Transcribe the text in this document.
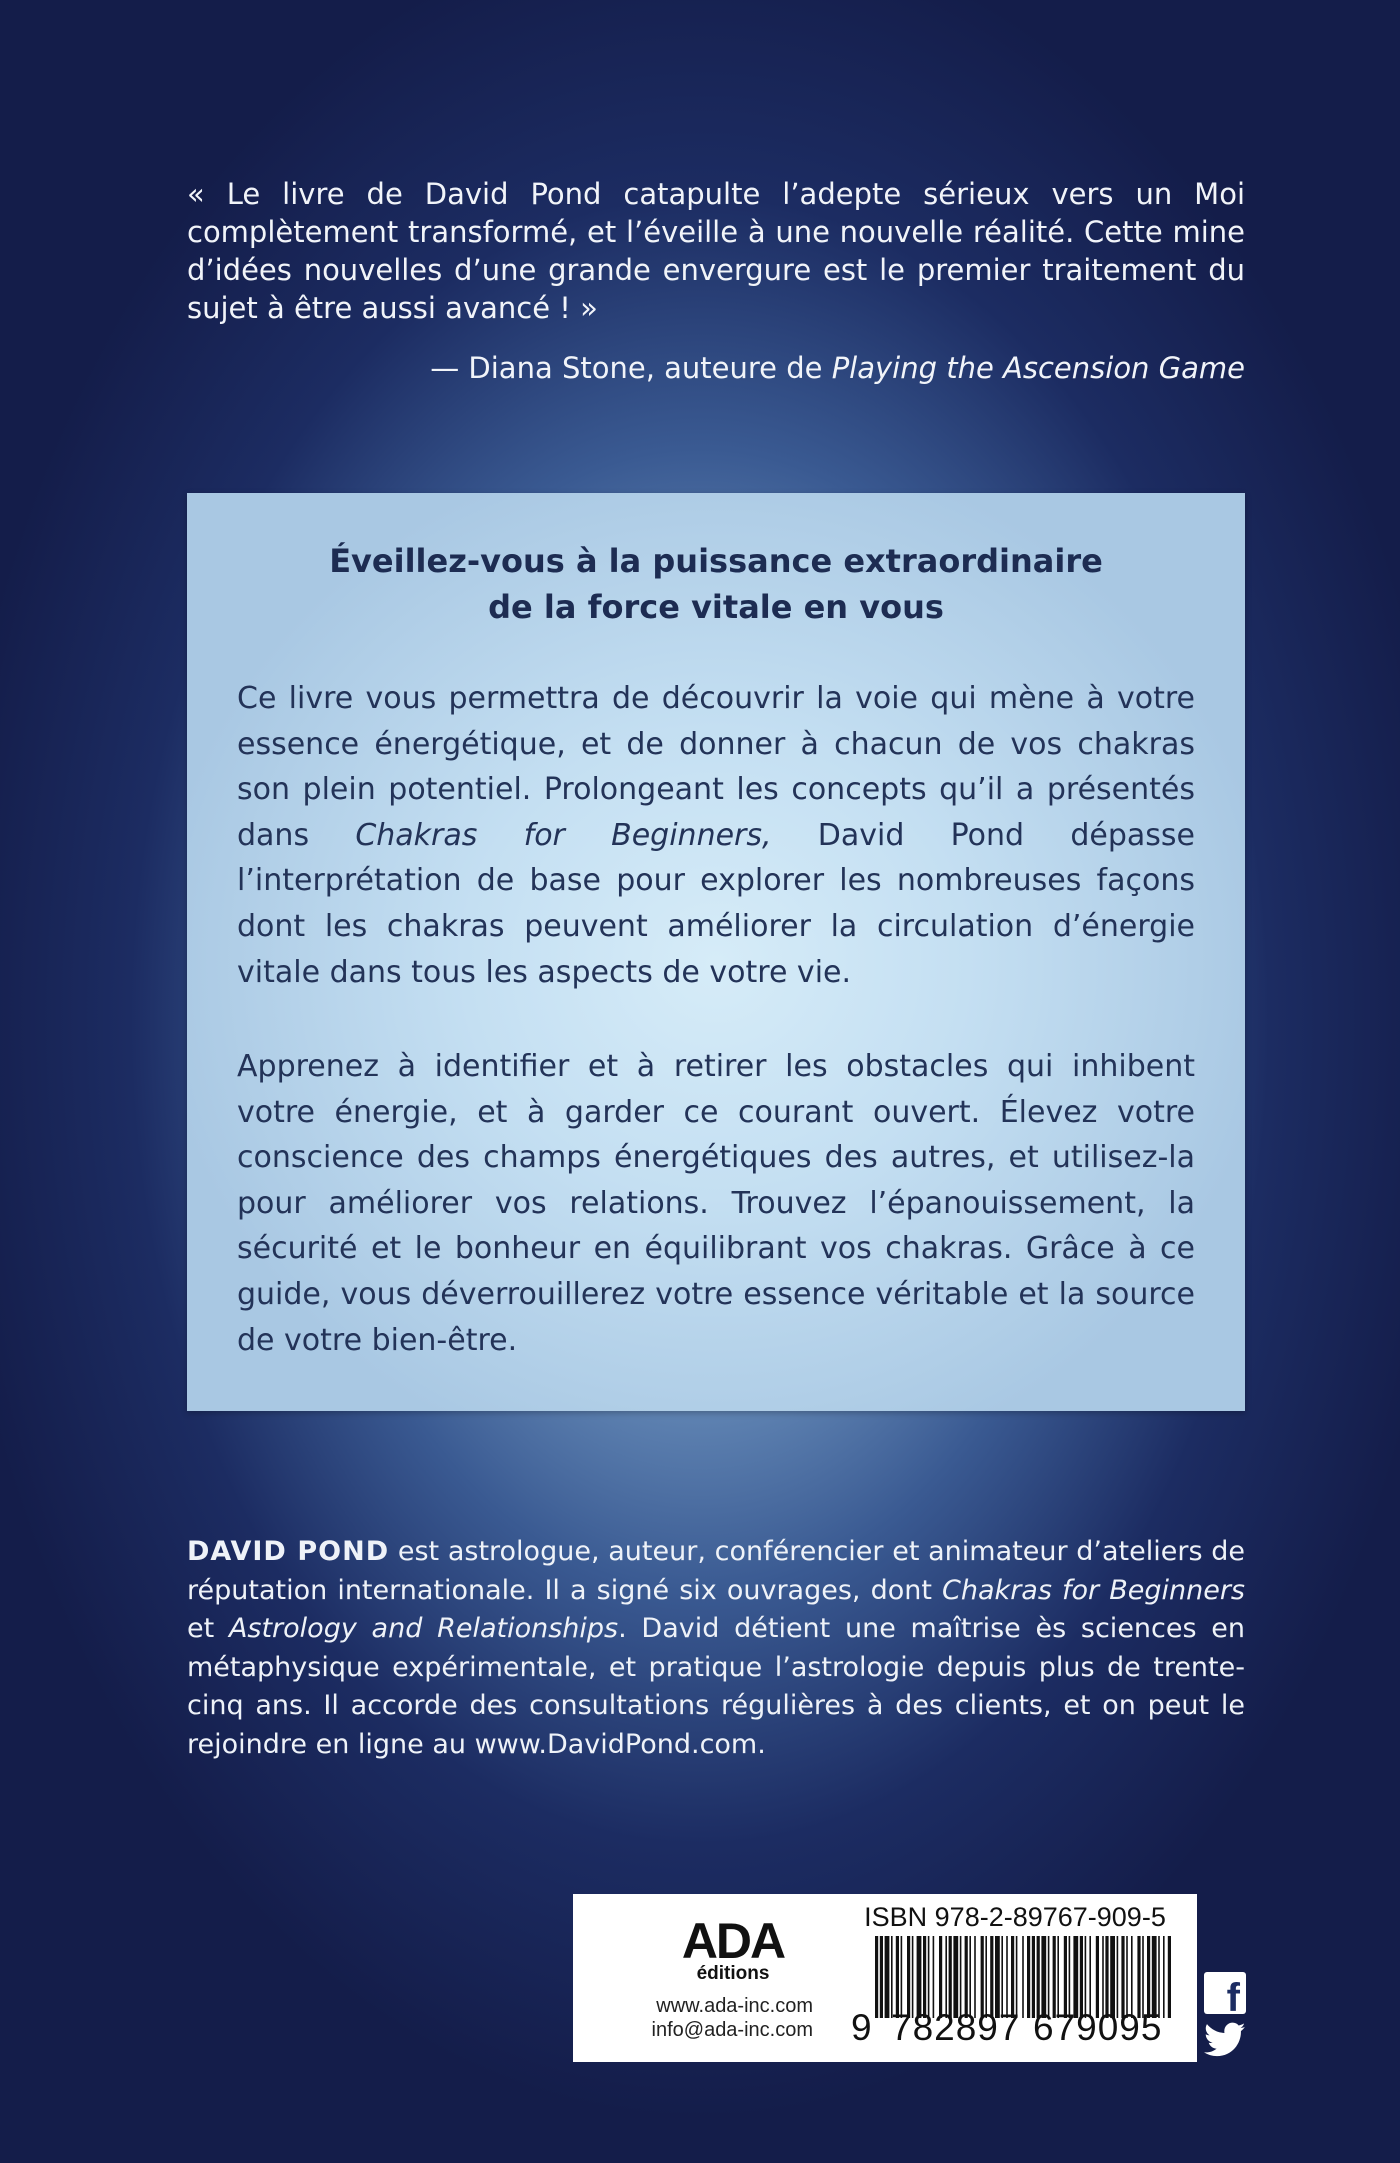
« Le livre de David Pond catapulte l’adepte sérieux vers un Moi complètement transformé, et l’éveille à une nouvelle réalité. Cette mine d’idées nouvelles d’une grande envergure est le premier traitement du sujet à être aussi avancé ! »
— Diana Stone, auteure de Playing the Ascension Game
Éveillez-vous à la puissance extraordinaire
de la force vitale en vous
Ce livre vous permettra de découvrir la voie qui mène à votre essence énergétique, et de donner à chacun de vos chakras son plein potentiel. Prolongeant les concepts qu’il a présentés dans Chakras for Beginners, David Pond dépasse l’interprétation de base pour explorer les nombreuses façons dont les chakras peuvent améliorer la circulation d’énergie vitale dans tous les aspects de votre vie.
Apprenez à identifier et à retirer les obstacles qui inhibent votre énergie, et à garder ce courant ouvert. Élevez votre conscience des champs énergétiques des autres, et utilisez-la pour améliorer vos relations. Trouvez l’épanouissement, la sécurité et le bonheur en équilibrant vos chakras. Grâce à ce guide, vous déverrouillerez votre essence véritable et la source de votre bien-être.
DAVID POND est astrologue, auteur, conférencier et animateur d’ateliers de réputation internationale. Il a signé six ouvrages, dont Chakras for Beginners et Astrology and Relationships. David détient une maîtrise ès sciences en métaphysique expérimentale, et pratique l’astrologie depuis plus de trente-cinq ans. Il accorde des consultations régulières à des clients, et on peut le rejoindre en ligne au www.DavidPond.com.
ADA
éditions
www.ada-inc.com
info@ada-inc.com
ISBN 978-2-89767-909-5
9 782897 679095
f
